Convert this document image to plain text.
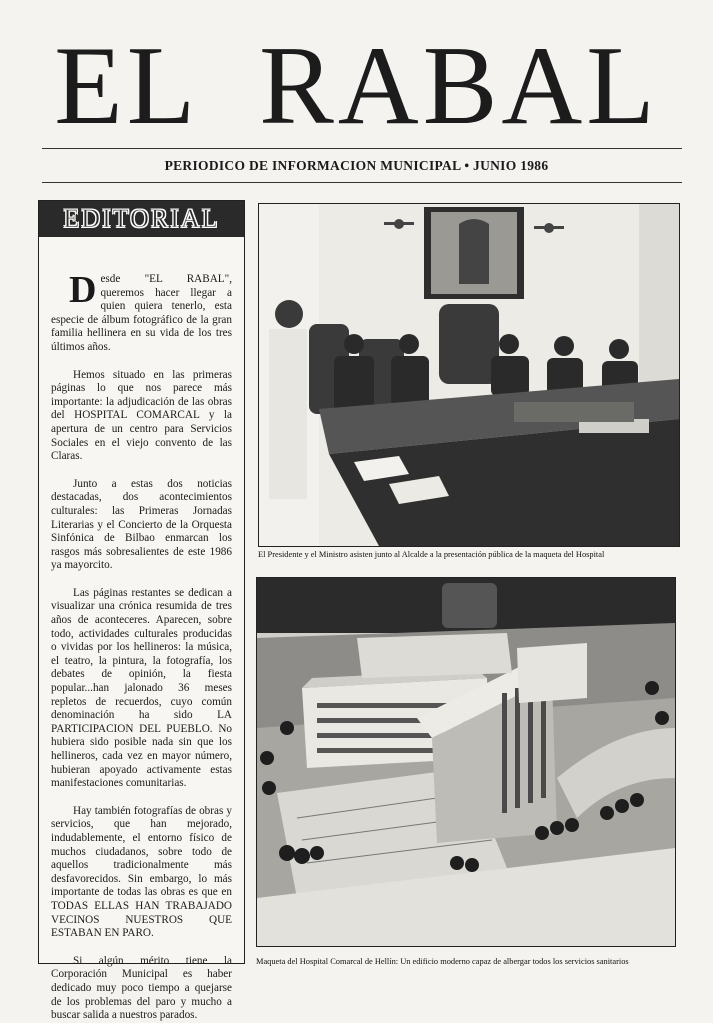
EL RABAL
PERIODICO DE INFORMACION MUNICIPAL • JUNIO 1986
EDITORIAL

Desde "EL RABAL", queremos hacer llegar a quien quiera tenerlo, esta especie de álbum fotográfico de la gran familia hellinera en su vida de los tres últimos años.

Hemos situado en las primeras páginas lo que nos parece más importante: la adjudicación de las obras del HOSPITAL COMARCAL y la apertura de un centro para Servicios Sociales en el viejo convento de las Claras.

Junto a estas dos noticias destacadas, dos acontecimientos culturales: las Primeras Jornadas Literarias y el Concierto de la Orquesta Sinfónica de Bilbao enmarcan los rasgos más sobresalientes de este 1986 ya mayorcito.

Las páginas restantes se dedican a visualizar una crónica resumida de tres años de aconteceres. Aparecen, sobre todo, actividades culturales producidas o vividas por los hellineros: la música, el teatro, la pintura, la fotografía, los debates de opinión, la fiesta popular...han jalonado 36 meses repletos de recuerdos, cuyo común denominación ha sido LA PARTICIPACION DEL PUEBLO. No hubiera sido posible nada sin que los hellineros, cada vez en mayor número, hubieran apoyado activamente estas manifestaciones comunitarias.

Hay también fotografías de obras y servicios, que han mejorado, indudablemente, el entorno físico de muchos ciudadanos, sobre todo de aquellos tradicionalmente más desfavorecidos. Sin embargo, lo más importante de todas las obras es que en TODAS ELLAS HAN TRABAJADO VECINOS NUESTROS QUE ESTABAN EN PARO.

Si algún mérito tiene la Corporación Municipal es haber dedicado muy poco tiempo a quejarse de los problemas del paro y mucho a buscar salida a nuestros parados.

El Presidente y el Ministro asisten junto al Alcalde a la presentación pública de la maqueta del Hospital
Maqueta del Hospital Comarcal de Hellín: Un edificio moderno capaz de albergar todos los servicios sanitarios
